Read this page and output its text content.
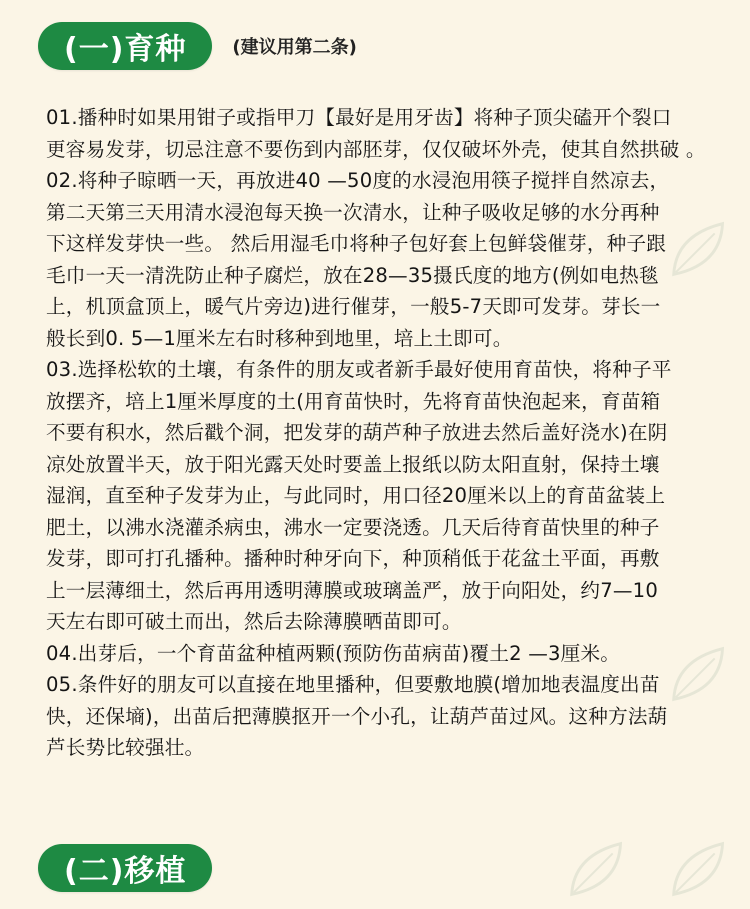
(一)育种	(建议用第二条)
01.播种时如果用钳子或指甲刀【最好是用牙齿】将种子顶尖磕开个裂口
更容易发芽，切忌注意不要伤到内部胚芽，仅仅破坏外壳，使其自然拱破 。
02.将种子晾晒一天，再放进40 —50度的水浸泡用筷子搅拌自然凉去，
第二天第三天用清水浸泡每天换一次清水，让种子吸收足够的水分再种
下这样发芽快一些。 然后用湿毛巾将种子包好套上包鲜袋催芽，种子跟
毛巾一天一清洗防止种子腐烂，放在28—35摄氏度的地方(例如电热毯
上，机顶盒顶上，暖气片旁边)进行催芽，一般5-7天即可发芽。芽长一
般长到0. 5—1厘米左右时移种到地里，培上土即可。
03.选择松软的土壤，有条件的朋友或者新手最好使用育苗快，将种子平
放摆齐，培上1厘米厚度的土(用育苗快时，先将育苗快泡起来，育苗箱
不要有积水，然后戳个洞，把发芽的葫芦种子放进去然后盖好浇水)在阴
凉处放置半天，放于阳光露天处时要盖上报纸以防太阳直射，保持土壤
湿润，直至种子发芽为止，与此同时，用口径20厘米以上的育苗盆装上
肥土，以沸水浇灌杀病虫，沸水一定要浇透。几天后待育苗快里的种子
发芽，即可打孔播种。播种时种牙向下，种顶稍低于花盆土平面，再敷
上一层薄细土，然后再用透明薄膜或玻璃盖严，放于向阳处，约7—10
天左右即可破土而出，然后去除薄膜晒苗即可。
04.出芽后，一个育苗盆种植两颗(预防伤苗病苗)覆土2 —3厘米。
05.条件好的朋友可以直接在地里播种，但要敷地膜(增加地表温度出苗
快，还保墒)，出苗后把薄膜抠开一个小孔，让葫芦苗过风。这种方法葫
芦长势比较强壮。
(二)移植
